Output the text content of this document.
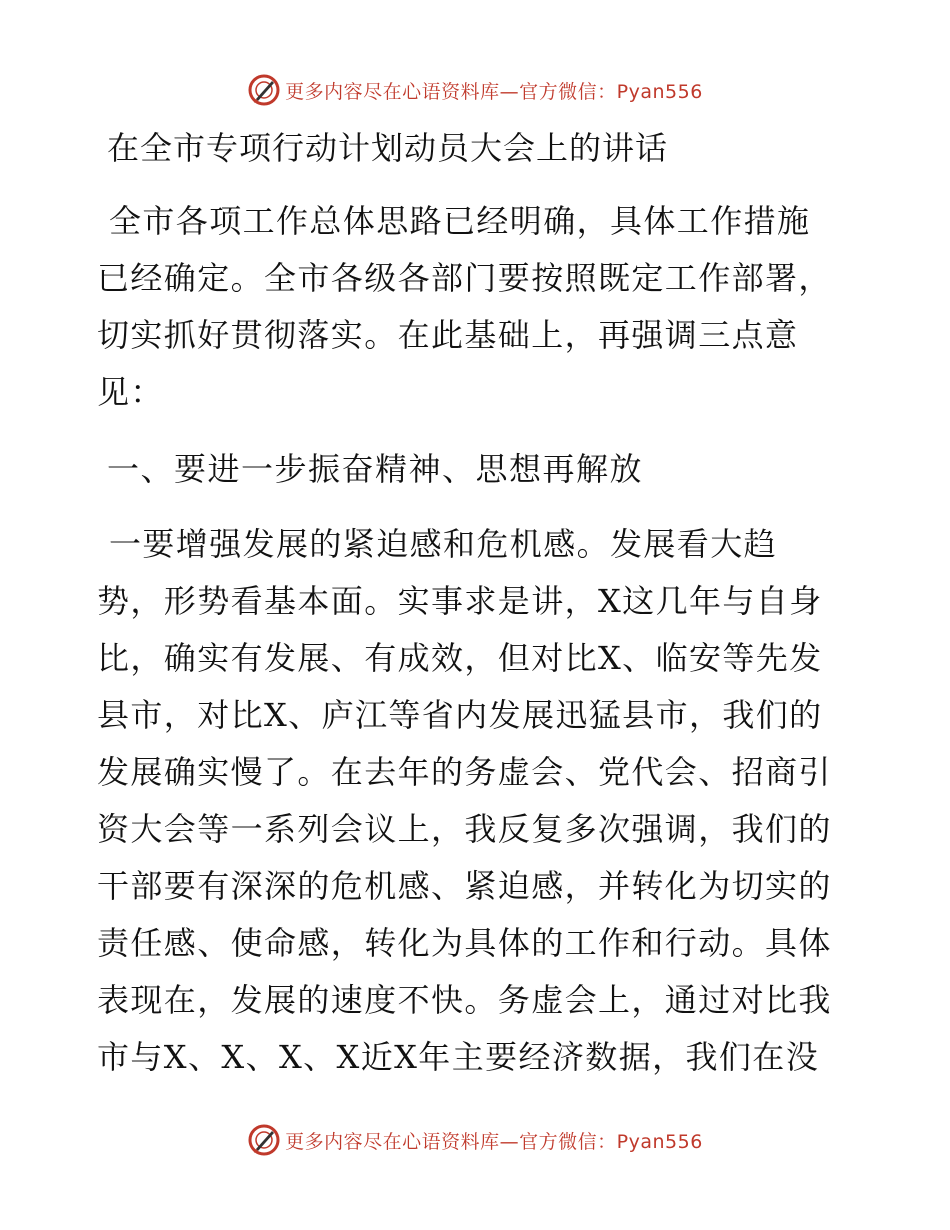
更多内容尽在心语资料库—官方微信：Pyan556
在全市专项行动计划动员大会上的讲话
全市各项工作总体思路已经明确，具体工作措施
已经确定。全市各级各部门要按照既定工作部署，
切实抓好贯彻落实。在此基础上，再强调三点意
见：
一、要进一步振奋精神、思想再解放
一要增强发展的紧迫感和危机感。发展看大趋
势，形势看基本面。实事求是讲，X这几年与自身
比，确实有发展、有成效，但对比X、临安等先发
县市，对比X、庐江等省内发展迅猛县市，我们的
发展确实慢了。在去年的务虚会、党代会、招商引
资大会等一系列会议上，我反复多次强调，我们的
干部要有深深的危机感、紧迫感，并转化为切实的
责任感、使命感，转化为具体的工作和行动。具体
表现在，发展的速度不快。务虚会上，通过对比我
市与X、X、X、X近X年主要经济数据，我们在没
更多内容尽在心语资料库—官方微信：Pyan556
